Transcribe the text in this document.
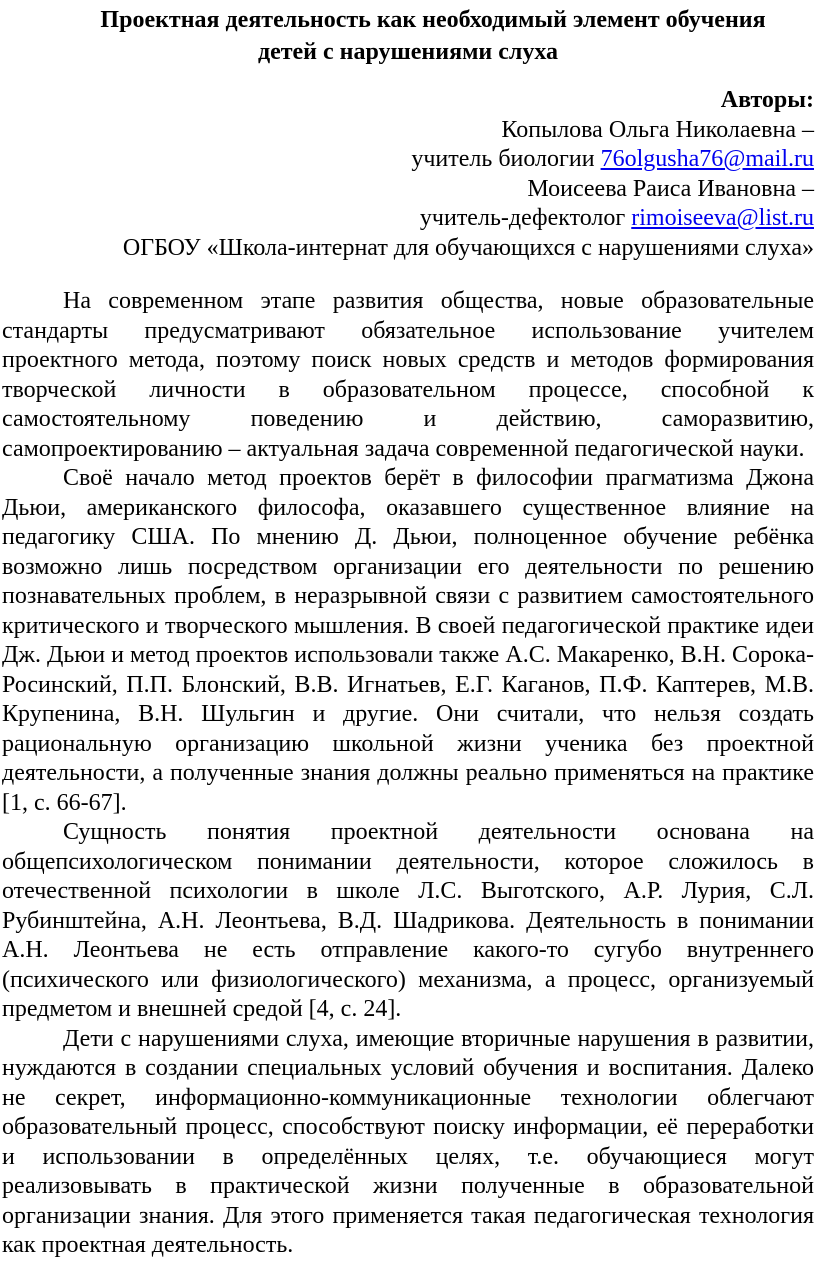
Проектная деятельность как необходимый элемент обучения
детей с нарушениями слуха
Авторы:
Копылова Ольга Николаевна –
учитель биологии 76olgusha76@mail.ru
Моисеева Раиса Ивановна –
учитель-дефектолог rimoiseeva@list.ru
ОГБОУ «Школа-интернат для обучающихся с нарушениями слуха»

На современном этапе развития общества, новые образовательные стандарты предусматривают обязательное использование учителем проектного метода, поэтому поиск новых средств и методов формирования творческой личности в образовательном процессе, способной к самостоятельному поведению и действию, саморазвитию, самопроектированию – актуальная задача современной педагогической науки.

Своё начало метод проектов берёт в философии прагматизма Джона Дьюи, американского философа, оказавшего существенное влияние на педагогику США. По мнению Д. Дьюи, полноценное обучение ребёнка возможно лишь посредством организации его деятельности по решению познавательных проблем, в неразрывной связи с развитием самостоятельного критического и творческого мышления. В своей педагогической практике идеи Дж. Дьюи и метод проектов использовали также А.С. Макаренко, В.Н. Сорока-Росинский, П.П. Блонский, В.В. Игнатьев, Е.Г. Каганов, П.Ф. Каптерев, М.В. Крупенина, В.Н. Шульгин и другие. Они считали, что нельзя создать рациональную организацию школьной жизни ученика без проектной деятельности, а полученные знания должны реально применяться на практике [1, с. 66-67].

Сущность понятия проектной деятельности основана на общепсихологическом понимании деятельности, которое сложилось в отечественной психологии в школе Л.С. Выготского, А.Р. Лурия, С.Л. Рубинштейна, А.Н. Леонтьева, В.Д. Шадрикова. Деятельность в понимании А.Н. Леонтьева не есть отправление какого-то сугубо внутреннего (психического или физиологического) механизма, а процесс, организуемый предметом и внешней средой [4, с. 24].

Дети с нарушениями слуха, имеющие вторичные нарушения в развитии, нуждаются в создании специальных условий обучения и воспитания. Далеко не секрет, информационно-коммуникационные технологии облегчают образовательный процесс, способствуют поиску информации, её переработки и использовании в определённых целях, т.е. обучающиеся могут реализовывать в практической жизни полученные в образовательной организации знания. Для этого применяется такая педагогическая технология как проектная деятельность.
